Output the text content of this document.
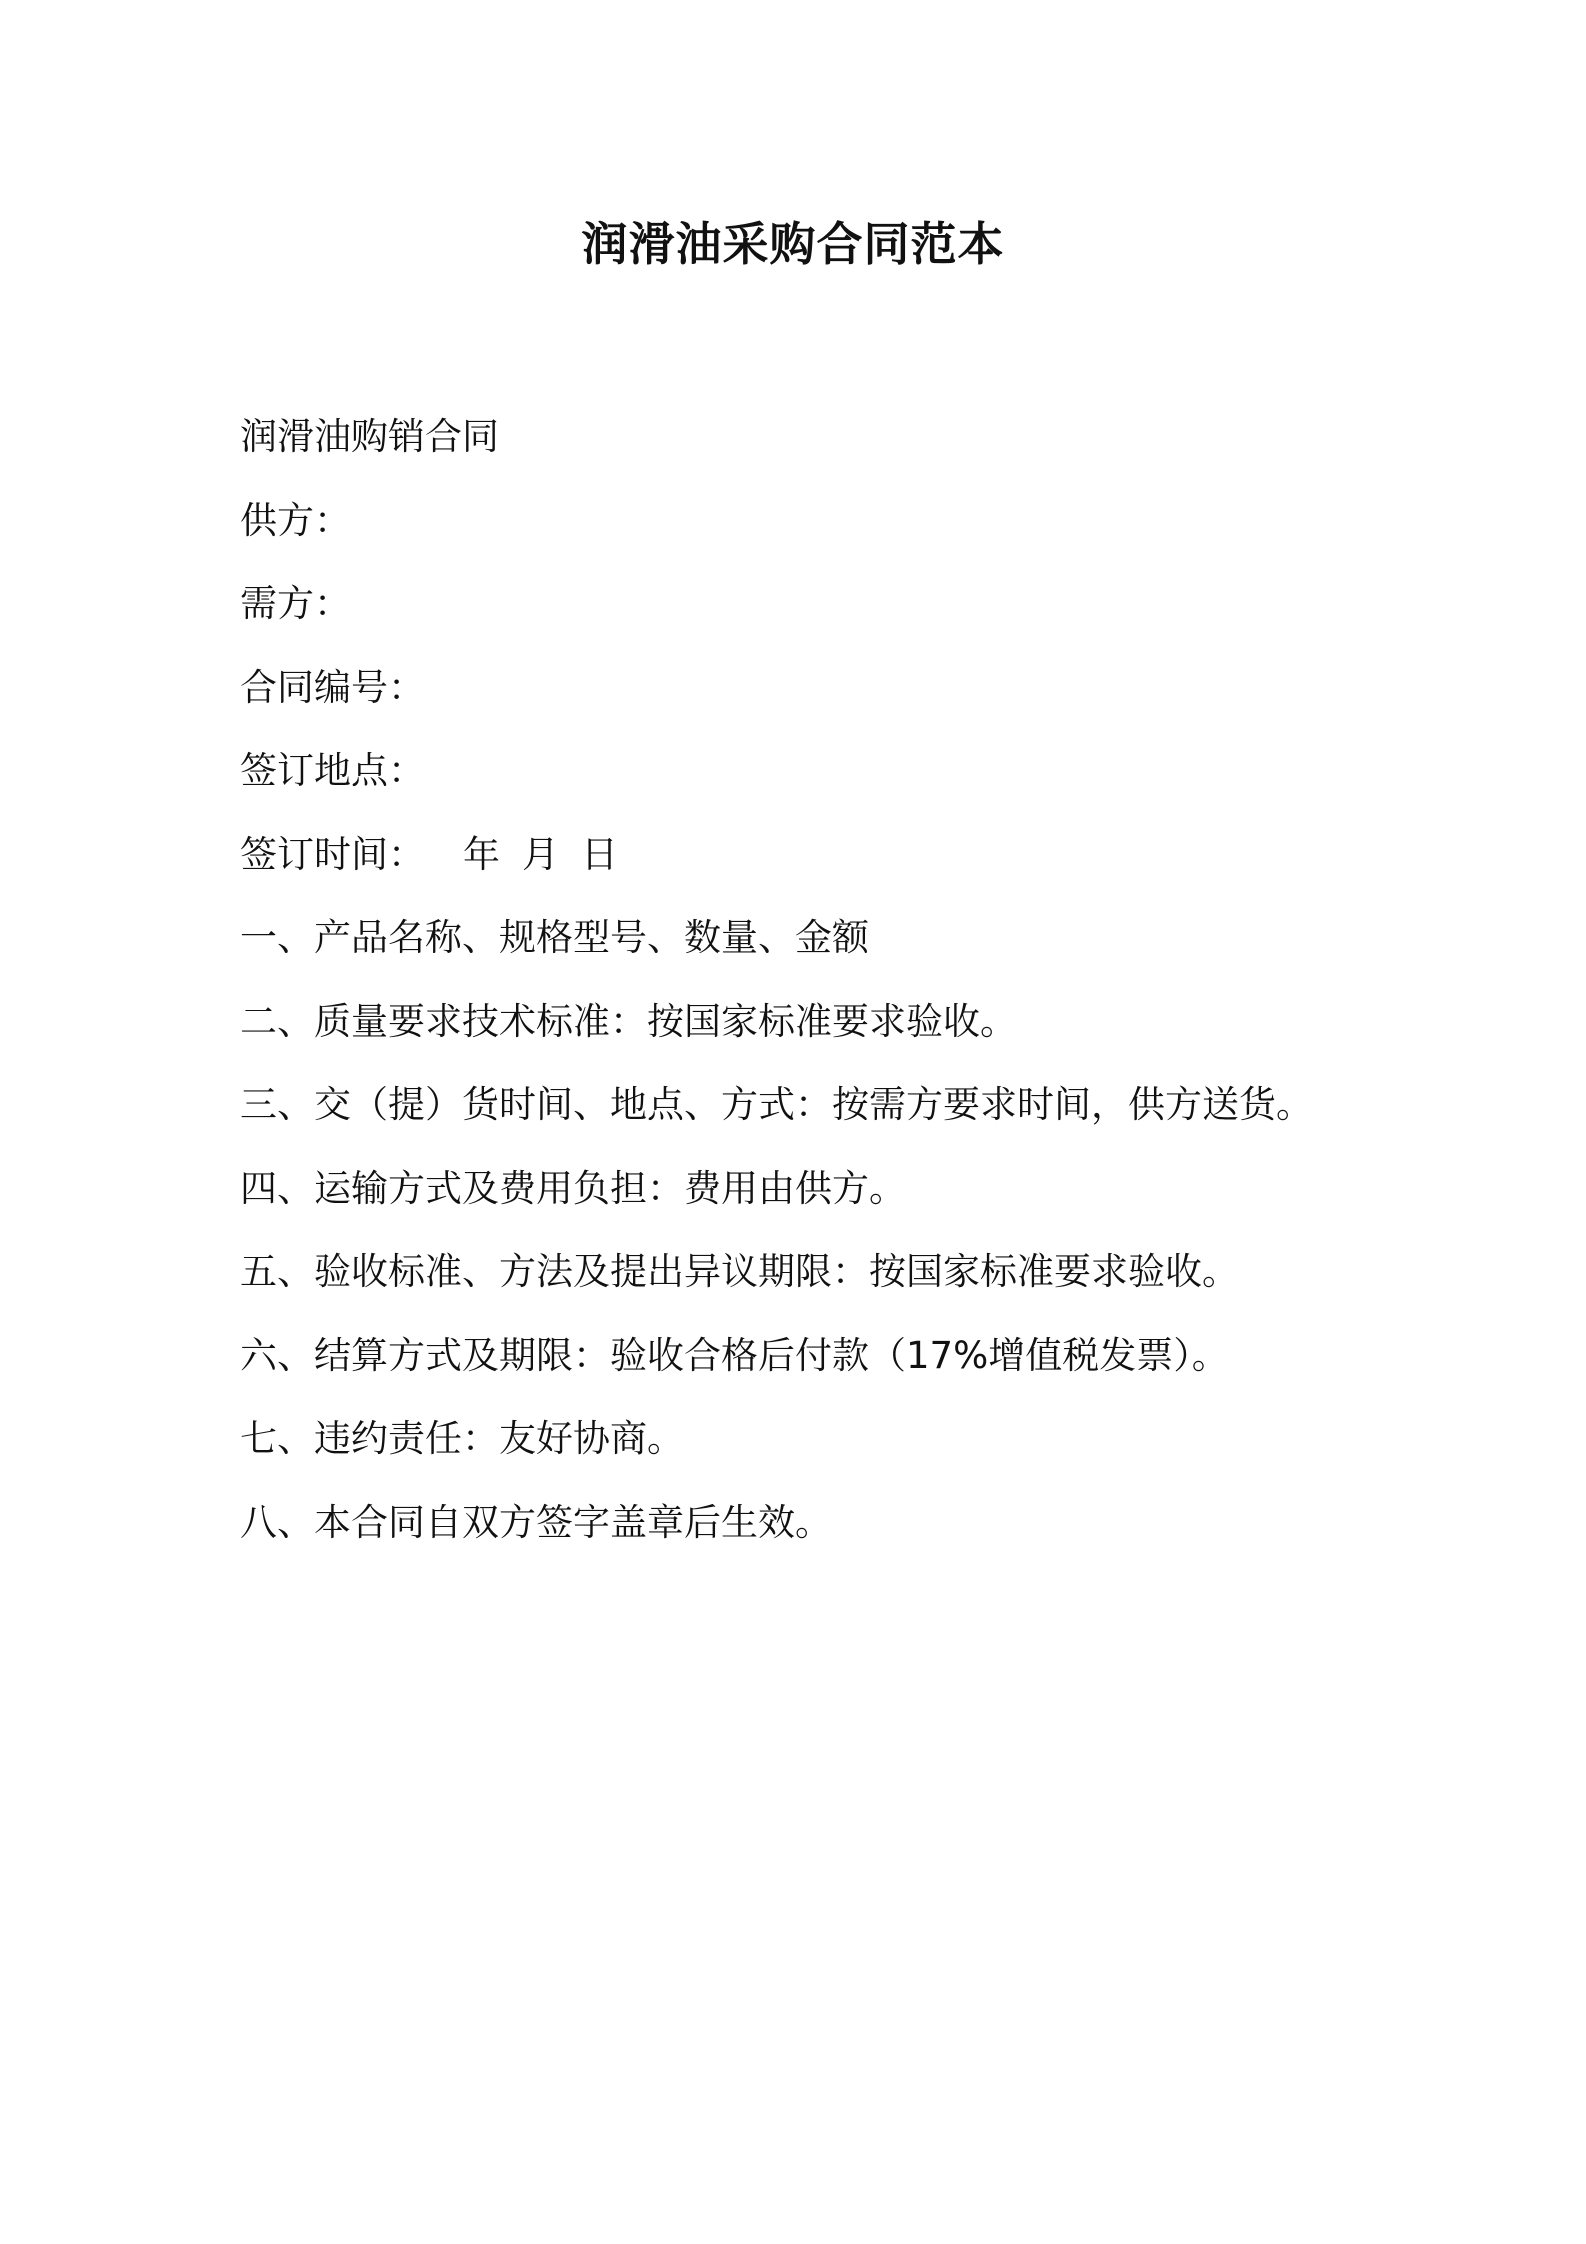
润滑油采购合同范本
润滑油购销合同
供方：
需方：
合同编号：
签订地点：
签订时间： 年 月 日
一、产品名称、规格型号、数量、金额
二、质量要求技术标准：按国家标准要求验收。
三、交（提）货时间、地点、方式：按需方要求时间，供方送货。
四、运输方式及费用负担：费用由供方。
五、验收标准、方法及提出异议期限：按国家标准要求验收。
六、结算方式及期限：验收合格后付款（17%增值税发票）。
七、违约责任：友好协商。
八、本合同自双方签字盖章后生效。
